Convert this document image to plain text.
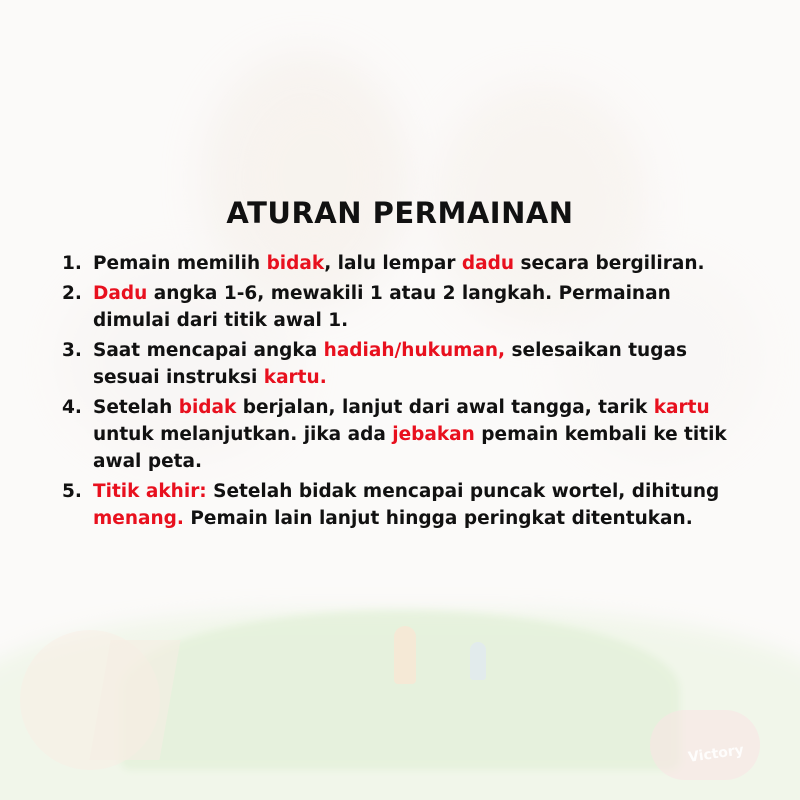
ATURAN PERMAINAN
1. Pemain memilih bidak, lalu lempar dadu secara bergiliran.
2. Dadu angka 1-6, mewakili 1 atau 2 langkah. Permainan dimulai dari titik awal 1.
3. Saat mencapai angka hadiah/hukuman, selesaikan tugas sesuai instruksi kartu.
4. Setelah bidak berjalan, lanjut dari awal tangga, tarik kartu untuk melanjutkan. jika ada jebakan pemain kembali ke titik awal peta.
5. Titik akhir: Setelah bidak mencapai puncak wortel, dihitung menang. Pemain lain lanjut hingga peringkat ditentukan.
